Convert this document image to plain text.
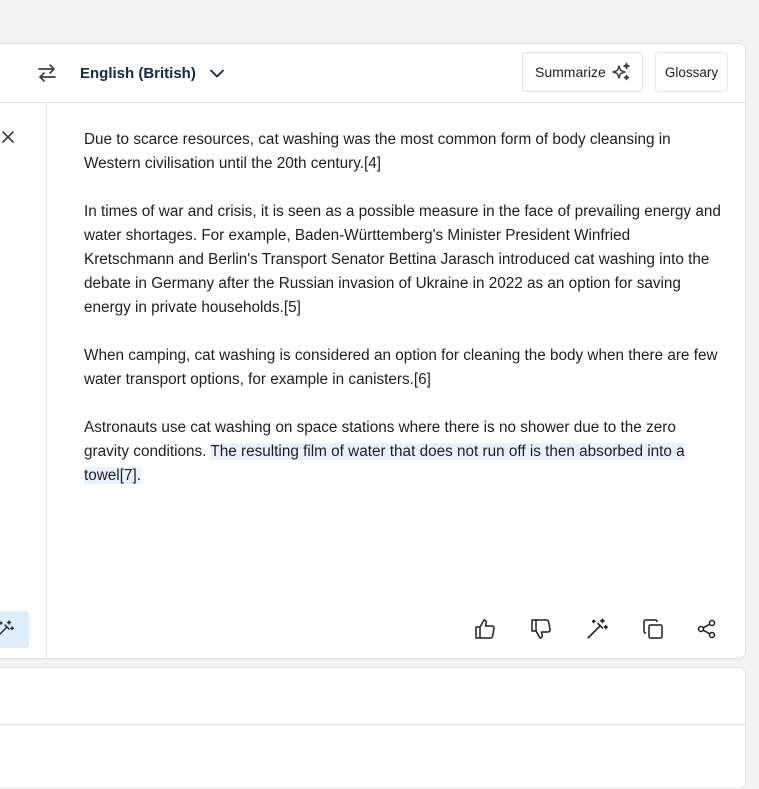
English (British)	Summarize	Glossary

Due to scarce resources, cat washing was the most common form of body cleansing in Western civilisation until the 20th century.[4]

In times of war and crisis, it is seen as a possible measure in the face of prevailing energy and water shortages. For example, Baden-Württemberg's Minister President Winfried Kretschmann and Berlin's Transport Senator Bettina Jarasch introduced cat washing into the debate in Germany after the Russian invasion of Ukraine in 2022 as an option for saving energy in private households.[5]

When camping, cat washing is considered an option for cleaning the body when there are few water transport options, for example in canisters.[6]

Astronauts use cat washing on space stations where there is no shower due to the zero gravity conditions. The resulting film of water that does not run off is then absorbed into a towel[7].
